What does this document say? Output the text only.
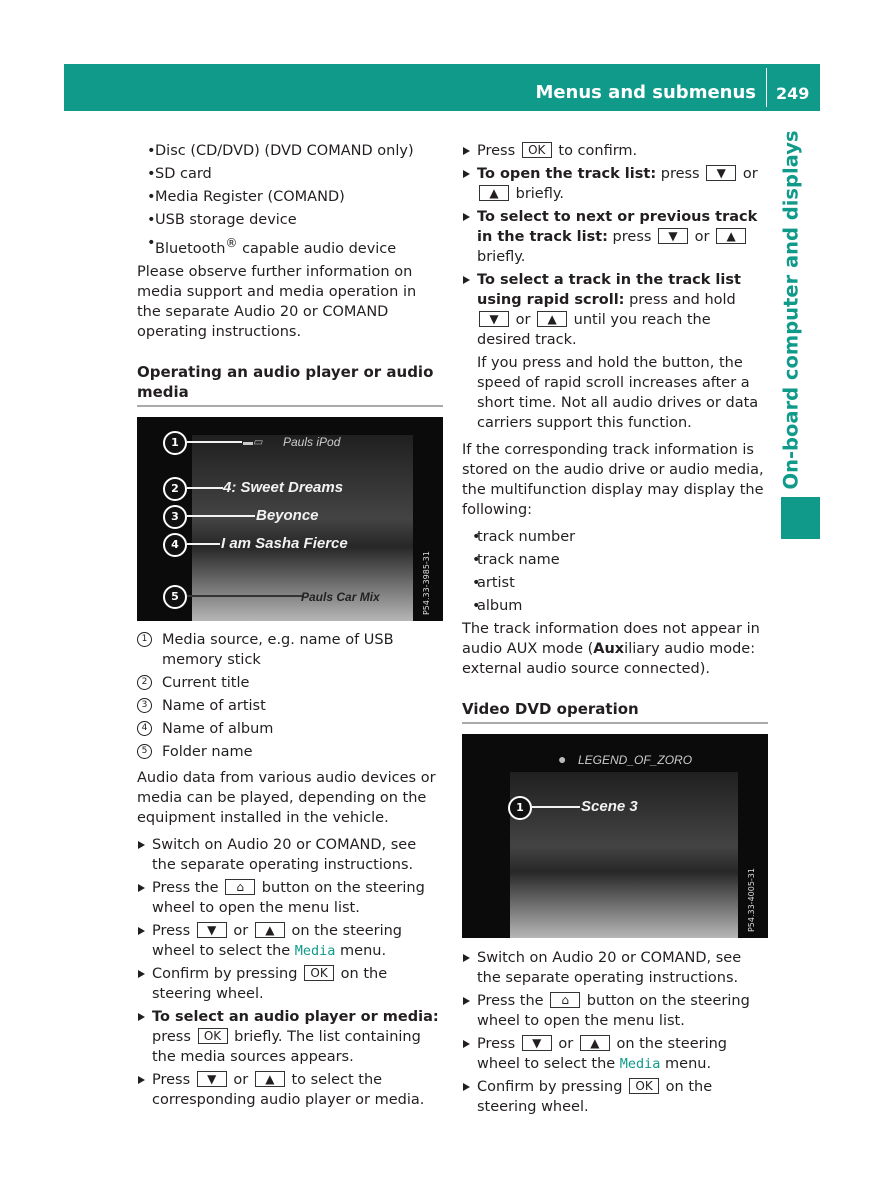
Menus and submenus 249
On-board computer and displays

• Disc (CD/DVD) (DVD COMAND only)

• SD card

• Media Register (COMAND)

• USB storage device

• Bluetooth® capable audio device

Please observe further information on media support and media operation in the separate Audio 20 or COMAND operating instructions.

Operating an audio player or audio media
1	▬▭ Pauls iPod
2	4: Sweet Dreams
3	Beyonce
4	I am Sasha Fierce
5	Pauls Car Mix	P54.33-3985-31

1	Media source, e.g. name of USB memory stick

2	Current title

3	Name of artist

4	Name of album

5	Folder name

Audio data from various audio devices or media can be played, depending on the equipment installed in the vehicle.

Switch on Audio 20 or COMAND, see the separate operating instructions.

Press the ⌂ button on the steering wheel to open the menu list.

Press ▼ or ▲ on the steering wheel to select the Media menu.

Confirm by pressing OK on the steering wheel.

To select an audio player or media: press OK briefly. The list containing the media sources appears.

Press ▼ or ▲ to select the corresponding audio player or media.

Press OK to confirm.

To open the track list: press ▼ or ▲ briefly.

To select to next or previous track in the track list: press ▼ or ▲ briefly.

To select a track in the track list using rapid scroll: press and hold ▼ or ▲ until you reach the desired track.

If you press and hold the button, the speed of rapid scroll increases after a short time. Not all audio drives or data carriers support this function.

If the corresponding track information is stored on the audio drive or audio media, the multifunction display may display the following:

• track number

• track name

• artist

• album

The track information does not appear in audio AUX mode (Auxiliary audio mode: external audio source connected).

Video DVD operation
● LEGEND_OF_ZORO
1	Scene 3
P54.33-4005-31

Switch on Audio 20 or COMAND, see the separate operating instructions.

Press the ⌂ button on the steering wheel to open the menu list.

Press ▼ or ▲ on the steering wheel to select the Media menu.

Confirm by pressing OK on the steering wheel.
